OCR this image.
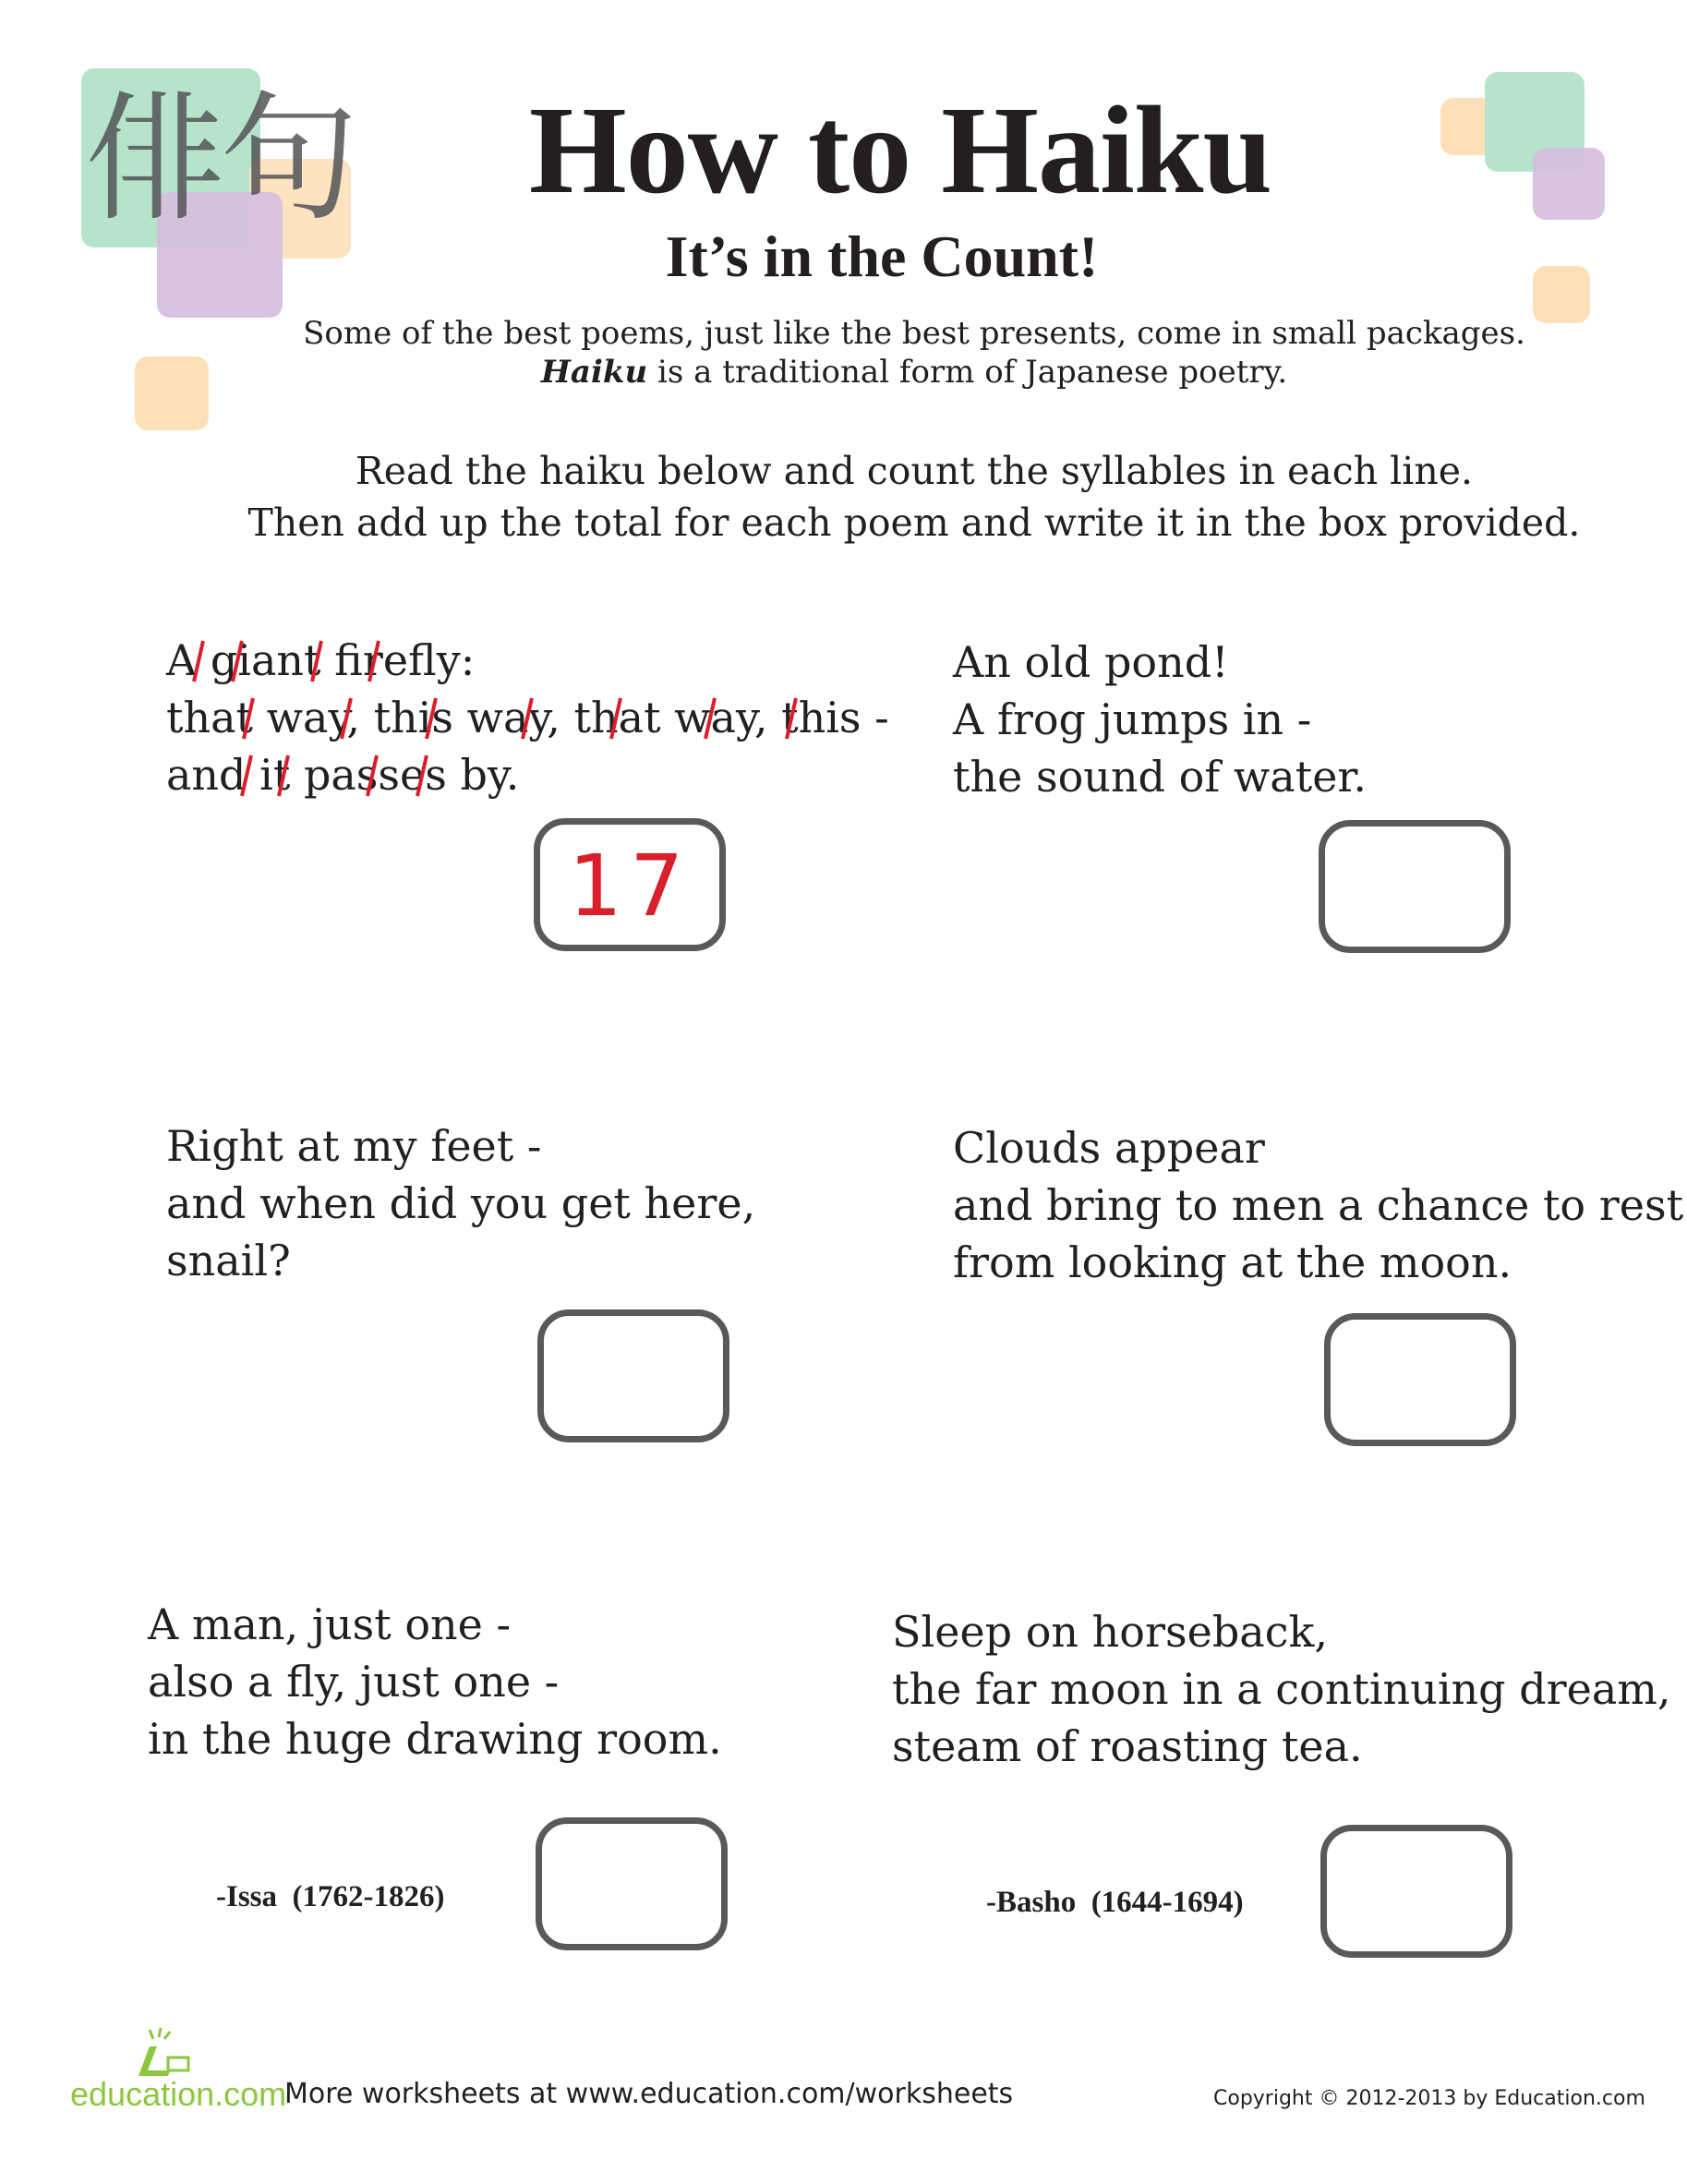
俳句	How to Haiku
It’s in the Count!
Some of the best poems, just like the best presents, come in small packages.
Haiku is a traditional form of Japanese poetry.
Read the haiku below and count the syllables in each line.
Then add up the total for each poem and write it in the box provided.
A giant firefly:
that way, this way, that way, this -
and it passes by.
17
An old pond!
A frog jumps in -
the sound of water.
Right at my feet -
and when did you get here,
snail?
Clouds appear
and bring to men a chance to rest
from looking at the moon.
A man, just one -
also a fly, just one -
in the huge drawing room.
-Issa  (1762-1826)
Sleep on horseback,
the far moon in a continuing dream,
steam of roasting tea.
-Basho  (1644-1694)
education.com
More worksheets at www.education.com/worksheets	Copyright © 2012-2013 by Education.com
